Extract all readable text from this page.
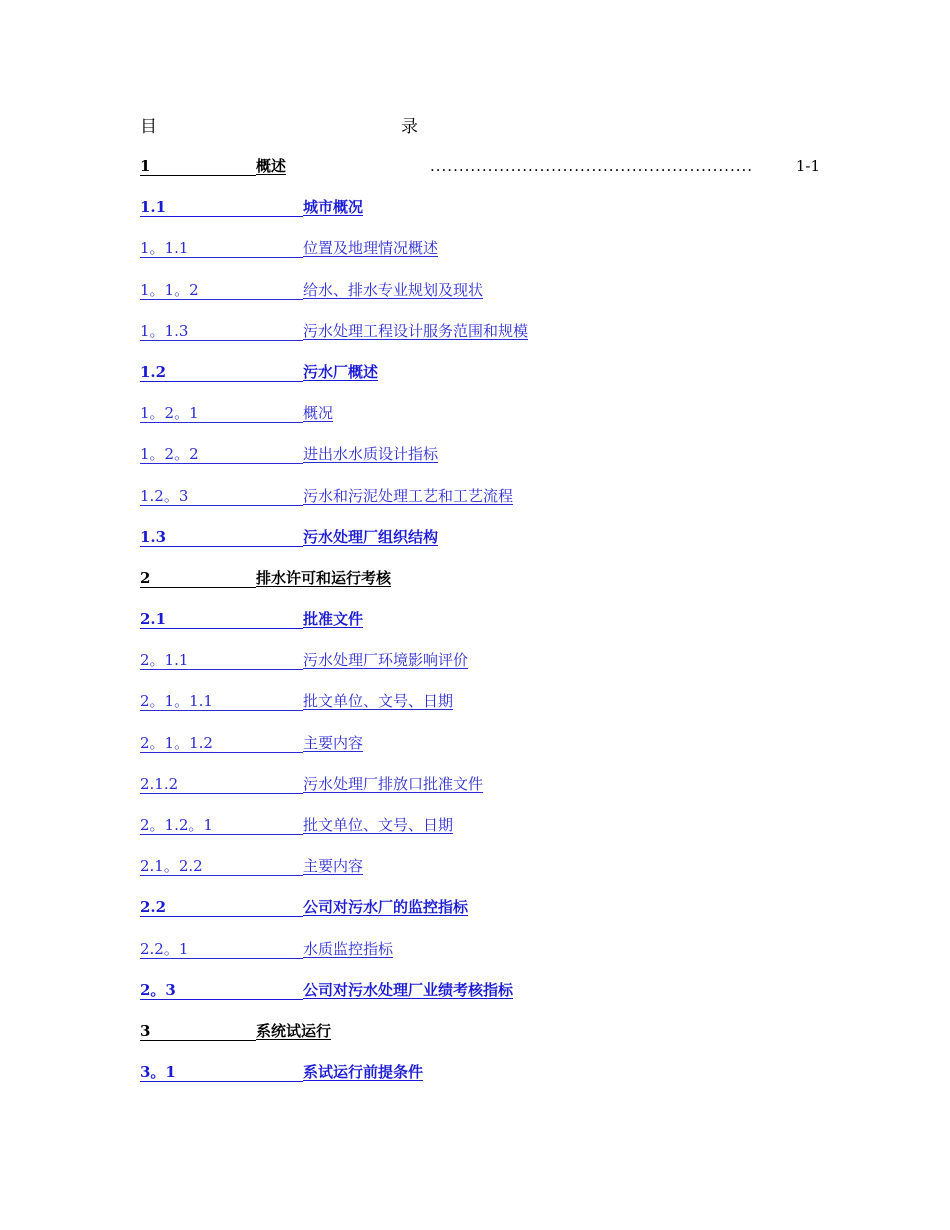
目	录
1	概述	........................................................	1-1
1.1	城市概况
1。1.1	位置及地理情况概述
1。1。2	给水、排水专业规划及现状
1。1.3	污水处理工程设计服务范围和规模
1.2	污水厂概述
1。2。1	概况
1。2。2	进出水水质设计指标
1.2。3	污水和污泥处理工艺和工艺流程
1.3	污水处理厂组织结构
2	排水许可和运行考核
2.1	批准文件
2。1.1	污水处理厂环境影响评价
2。1。1.1	批文单位、文号、日期
2。1。1.2	主要内容
2.1.2	污水处理厂排放口批准文件
2。1.2。1	批文单位、文号、日期
2.1。2.2	主要内容
2.2	公司对污水厂的监控指标
2.2。1	水质监控指标
2。3	公司对污水处理厂业绩考核指标
3	系统试运行
3。1	系试运行前提条件
